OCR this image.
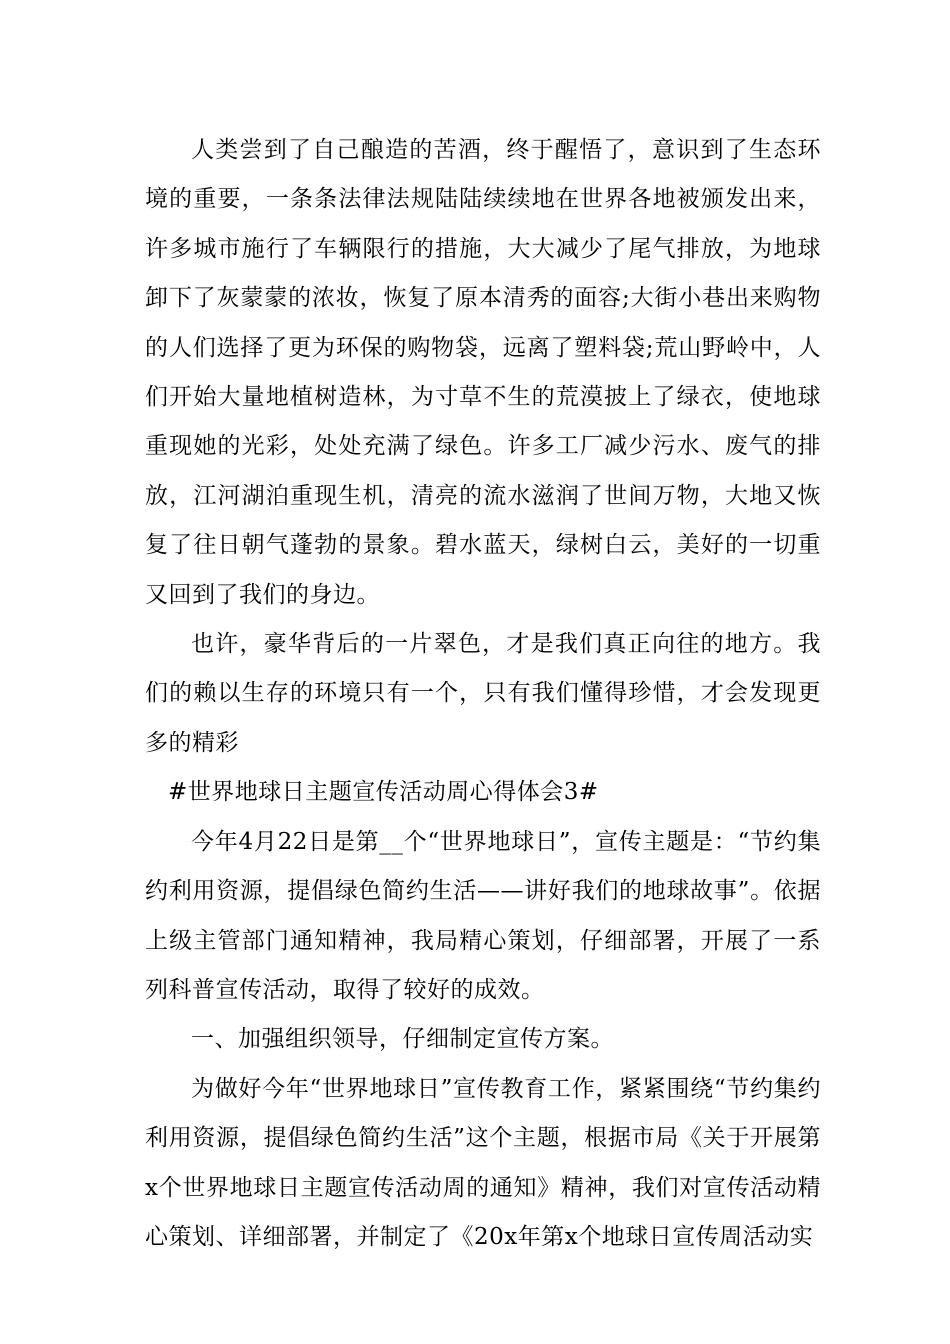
人类尝到了自己酿造的苦酒，终于醒悟了，意识到了生态环境的重要，一条条法律法规陆陆续续地在世界各地被颁发出来，许多城市施行了车辆限行的措施，大大减少了尾气排放，为地球卸下了灰蒙蒙的浓妆，恢复了原本清秀的面容;大街小巷出来购物的人们选择了更为环保的购物袋，远离了塑料袋;荒山野岭中，人们开始大量地植树造林，为寸草不生的荒漠披上了绿衣，使地球重现她的光彩，处处充满了绿色。许多工厂减少污水、废气的排放，江河湖泊重现生机，清亮的流水滋润了世间万物，大地又恢复了往日朝气蓬勃的景象。碧水蓝天，绿树白云，美好的一切重又回到了我们的身边。

也许，豪华背后的一片翠色，才是我们真正向往的地方。我们的赖以生存的环境只有一个，只有我们懂得珍惜，才会发现更多的精彩

#世界地球日主题宣传活动周心得体会3#

今年4月22日是第__个“世界地球日”，宣传主题是：“节约集约利用资源，提倡绿色简约生活——讲好我们的地球故事”。依据上级主管部门通知精神，我局精心策划，仔细部署，开展了一系列科普宣传活动，取得了较好的成效。

一、加强组织领导，仔细制定宣传方案。

为做好今年“世界地球日”宣传教育工作，紧紧围绕“节约集约利用资源，提倡绿色简约生活”这个主题，根据市局《关于开展第x个世界地球日主题宣传活动周的通知》精神，我们对宣传活动精心策划、详细部署，并制定了《20x年第x个地球日宣传周活动实
